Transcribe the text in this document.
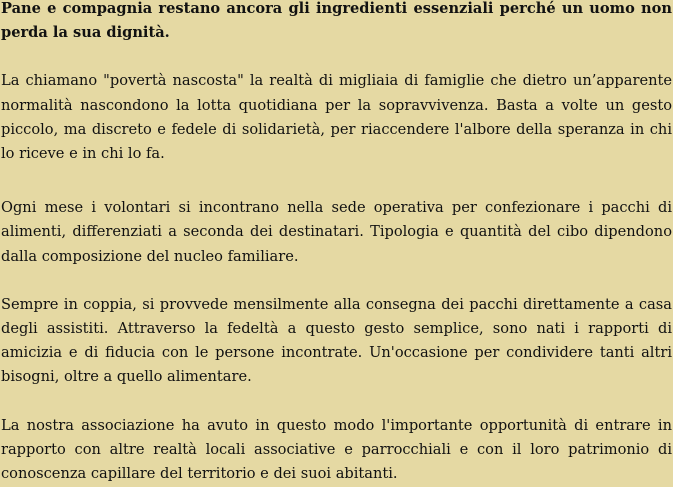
Pane e compagnia restano ancora gli ingredienti essenziali perché un uomo non perda la sua dignità.

La chiamano "povertà nascosta" la realtà di migliaia di famiglie che dietro un’apparente normalità nascondono la lotta quotidiana per la sopravvivenza. Basta a volte un gesto piccolo, ma discreto e fedele di solidarietà, per riaccendere l'albore della speranza in chi lo riceve e in chi lo fa.

Ogni mese i volontari si incontrano nella sede operativa per confezionare i pacchi di alimenti, differenziati a seconda dei destinatari. Tipologia e quantità del cibo dipendono dalla composizione del nucleo familiare.

Sempre in coppia, si provvede mensilmente alla consegna dei pacchi direttamente a casa degli assistiti. Attraverso la fedeltà a questo gesto semplice, sono nati i rapporti di amicizia e di fiducia con le persone incontrate. Un'occasione per condividere tanti altri bisogni, oltre a quello alimentare.

La nostra associazione ha avuto in questo modo l'importante opportunità di entrare in rapporto con altre realtà locali associative e parrocchiali e con il loro patrimonio di conoscenza capillare del territorio e dei suoi abitanti.
